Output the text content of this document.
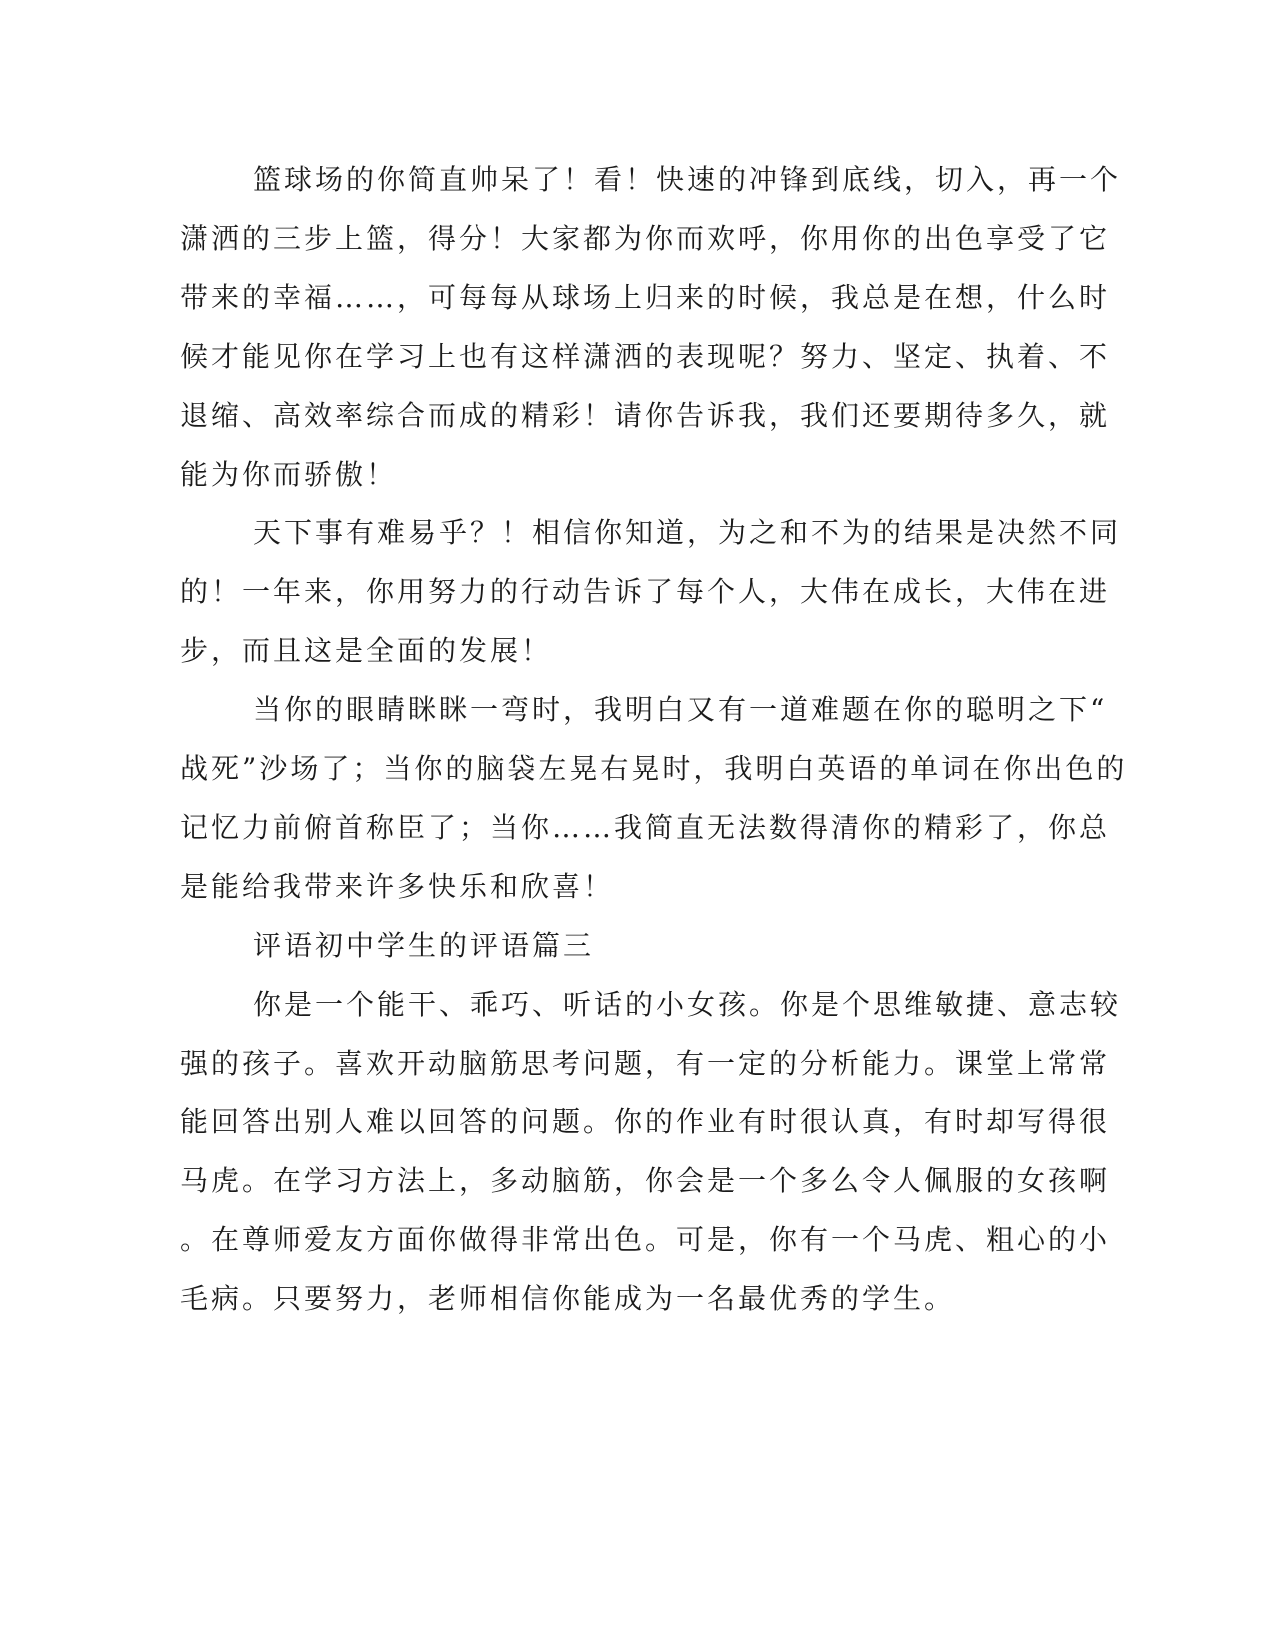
篮球场的你简直帅呆了！看！快速的冲锋到底线，切入，再一个
潇洒的三步上篮，得分！大家都为你而欢呼，你用你的出色享受了它
带来的幸福……，可每每从球场上归来的时候，我总是在想，什么时
候才能见你在学习上也有这样潇洒的表现呢？努力、坚定、执着、不
退缩、高效率综合而成的精彩！请你告诉我，我们还要期待多久，就
能为你而骄傲！
天下事有难易乎？！相信你知道，为之和不为的结果是决然不同
的！一年来，你用努力的行动告诉了每个人，大伟在成长，大伟在进
步，而且这是全面的发展！
当你的眼睛眯眯一弯时，我明白又有一道难题在你的聪明之下“
战死”沙场了；当你的脑袋左晃右晃时，我明白英语的单词在你出色的
记忆力前俯首称臣了；当你……我简直无法数得清你的精彩了，你总
是能给我带来许多快乐和欣喜！
评语初中学生的评语篇三
你是一个能干、乖巧、听话的小女孩。你是个思维敏捷、意志较
强的孩子。喜欢开动脑筋思考问题，有一定的分析能力。课堂上常常
能回答出别人难以回答的问题。你的作业有时很认真，有时却写得很
马虎。在学习方法上，多动脑筋，你会是一个多么令人佩服的女孩啊
。在尊师爱友方面你做得非常出色。可是，你有一个马虎、粗心的小
毛病。只要努力，老师相信你能成为一名最优秀的学生。
